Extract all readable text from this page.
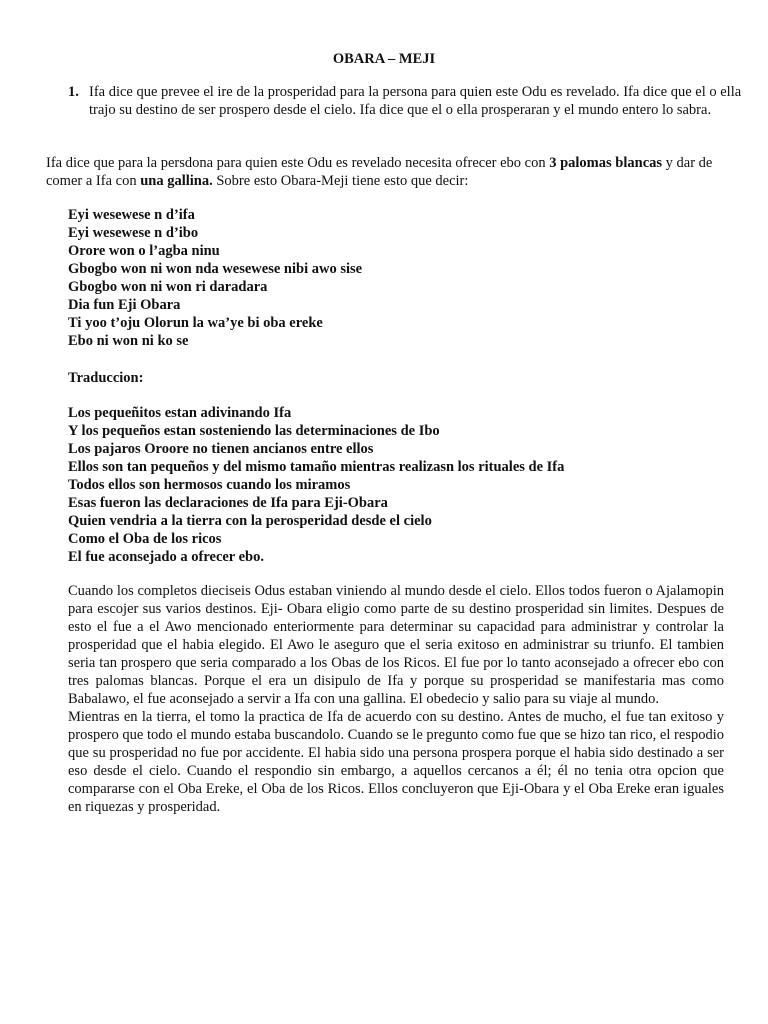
OBARA – MEJI
1. Ifa dice que prevee el ire de la prosperidad para la persona para quien este Odu es revelado. Ifa dice que el o ella trajo su destino de ser prospero desde el cielo. Ifa dice que el o ella prosperaran y el mundo entero lo sabra.
Ifa dice que para la persdona para quien este Odu es revelado necesita ofrecer ebo con 3 palomas blancas y dar de comer a Ifa con una gallina. Sobre esto Obara-Meji tiene esto que decir:
Eyi wesewese n d’ifa
Eyi wesewese n d’ibo
Orore won o l’agba ninu
Gbogbo won ni won nda wesewese nibi awo sise
Gbogbo won ni won ri daradara
Dia fun Eji Obara
Ti yoo t’oju Olorun la wa’ye bi oba ereke
Ebo ni won ni ko se
Traduccion:
Los pequeñitos estan adivinando Ifa
Y los pequeños estan sosteniendo las determinaciones de Ibo
Los pajaros Oroore no tienen ancianos entre ellos
Ellos son tan pequeños y del mismo tamaño mientras realizasn los rituales de Ifa
Todos ellos son hermosos cuando los miramos
Esas fueron las declaraciones de Ifa para Eji-Obara
Quien vendria a la tierra con la perosperidad desde el cielo
Como el Oba de los ricos
El fue aconsejado a ofrecer ebo.

Cuando los completos dieciseis Odus estaban viniendo al mundo desde el cielo. Ellos todos fueron o Ajalamopin para escojer sus varios destinos. Eji- Obara eligio como parte de su destino prosperidad sin limites. Despues de esto el fue a el Awo mencionado enteriormente para determinar su capacidad para administrar y controlar la prosperidad que el habia elegido. El Awo le aseguro que el seria exitoso en administrar su triunfo. El tambien seria tan prospero que seria comparado a los Obas de los Ricos. El fue por lo tanto aconsejado a ofrecer ebo con tres palomas blancas. Porque el era un disipulo de Ifa y porque su prosperidad se manifestaria mas como Babalawo, el fue aconsejado a servir a Ifa con una gallina. El obedecio y salio para su viaje al mundo.

Mientras en la tierra, el tomo la practica de Ifa de acuerdo con su destino. Antes de mucho, el fue tan exitoso y prospero que todo el mundo estaba buscandolo. Cuando se le pregunto como fue que se hizo tan rico, el respodio que su prosperidad no fue por accidente. El habia sido una persona prospera porque el habia sido destinado a ser eso desde el cielo. Cuando el respondio sin embargo, a aquellos cercanos a él; él no tenia otra opcion que compararse con el Oba Ereke, el Oba de los Ricos. Ellos concluyeron que Eji-Obara y el Oba Ereke eran iguales en riquezas y prosperidad.
